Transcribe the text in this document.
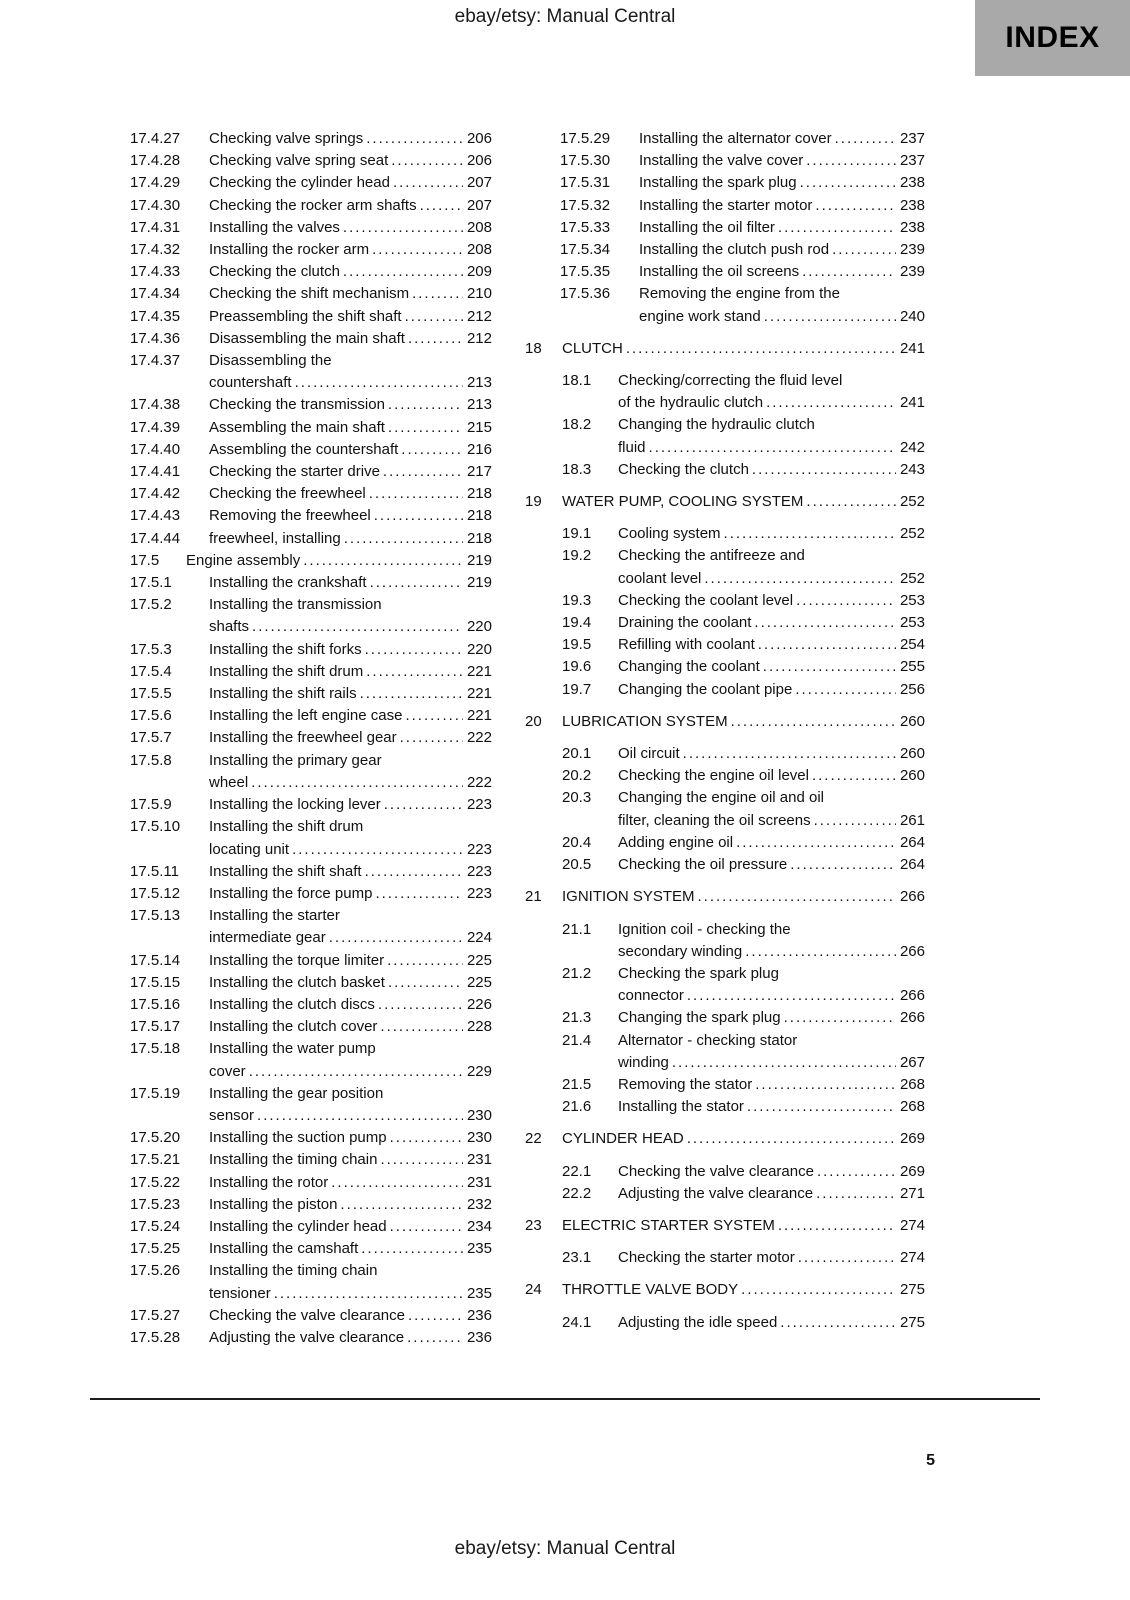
ebay/etsy: Manual Central
INDEX
17.4.27	Checking valve springs .....	206
17.4.28	Checking valve spring seat .....	206
17.4.29	Checking the cylinder head .....	207
17.4.30	Checking the rocker arm shafts .....	207
17.4.31	Installing the valves .....	208
17.4.32	Installing the rocker arm .....	208
17.4.33	Checking the clutch .....	209
17.4.34	Checking the shift mechanism .....	210
17.4.35	Preassembling the shift shaft .....	212
17.4.36	Disassembling the main shaft .....	212
17.4.37	Disassembling the
countershaft .....	213
17.4.38	Checking the transmission .....	213
17.4.39	Assembling the main shaft .....	215
17.4.40	Assembling the countershaft .....	216
17.4.41	Checking the starter drive .....	217
17.4.42	Checking the freewheel .....	218
17.4.43	Removing the freewheel .....	218
17.4.44	freewheel, installing .....	218
17.5	Engine assembly .....	219
17.5.1	Installing the crankshaft .....	219
17.5.2	Installing the transmission
shafts .....	220
17.5.3	Installing the shift forks .....	220
17.5.4	Installing the shift drum .....	221
17.5.5	Installing the shift rails .....	221
17.5.6	Installing the left engine case .....	221
17.5.7	Installing the freewheel gear .....	222
17.5.8	Installing the primary gear
wheel .....	222
17.5.9	Installing the locking lever .....	223
17.5.10	Installing the shift drum
locating unit .....	223
17.5.11	Installing the shift shaft .....	223
17.5.12	Installing the force pump .....	223
17.5.13	Installing the starter
intermediate gear .....	224
17.5.14	Installing the torque limiter .....	225
17.5.15	Installing the clutch basket .....	225
17.5.16	Installing the clutch discs .....	226
17.5.17	Installing the clutch cover .....	228
17.5.18	Installing the water pump
cover .....	229
17.5.19	Installing the gear position
sensor .....	230
17.5.20	Installing the suction pump .....	230
17.5.21	Installing the timing chain .....	231
17.5.22	Installing the rotor .....	231
17.5.23	Installing the piston .....	232
17.5.24	Installing the cylinder head .....	234
17.5.25	Installing the camshaft .....	235
17.5.26	Installing the timing chain
tensioner .....	235
17.5.27	Checking the valve clearance .....	236
17.5.28	Adjusting the valve clearance .....	236
17.5.29	Installing the alternator cover .....	237
17.5.30	Installing the valve cover .....	237
17.5.31	Installing the spark plug .....	238
17.5.32	Installing the starter motor .....	238
17.5.33	Installing the oil filter .....	238
17.5.34	Installing the clutch push rod .....	239
17.5.35	Installing the oil screens .....	239
17.5.36	Removing the engine from the
engine work stand .....	240
18	CLUTCH .....	241
18.1	Checking/correcting the fluid level
of the hydraulic clutch .....	241
18.2	Changing the hydraulic clutch
fluid .....	242
18.3	Checking the clutch .....	243
19	WATER PUMP, COOLING SYSTEM .....	252
19.1	Cooling system .....	252
19.2	Checking the antifreeze and
coolant level .....	252
19.3	Checking the coolant level .....	253
19.4	Draining the coolant .....	253
19.5	Refilling with coolant .....	254
19.6	Changing the coolant .....	255
19.7	Changing the coolant pipe .....	256
20	LUBRICATION SYSTEM .....	260
20.1	Oil circuit .....	260
20.2	Checking the engine oil level .....	260
20.3	Changing the engine oil and oil
filter, cleaning the oil screens .....	261
20.4	Adding engine oil .....	264
20.5	Checking the oil pressure .....	264
21	IGNITION SYSTEM .....	266
21.1	Ignition coil - checking the
secondary winding .....	266
21.2	Checking the spark plug
connector .....	266
21.3	Changing the spark plug .....	266
21.4	Alternator - checking stator
winding .....	267
21.5	Removing the stator .....	268
21.6	Installing the stator .....	268
22	CYLINDER HEAD .....	269
22.1	Checking the valve clearance .....	269
22.2	Adjusting the valve clearance .....	271
23	ELECTRIC STARTER SYSTEM .....	274
23.1	Checking the starter motor .....	274
24	THROTTLE VALVE BODY .....	275
24.1	Adjusting the idle speed .....	275
5
ebay/etsy: Manual Central
